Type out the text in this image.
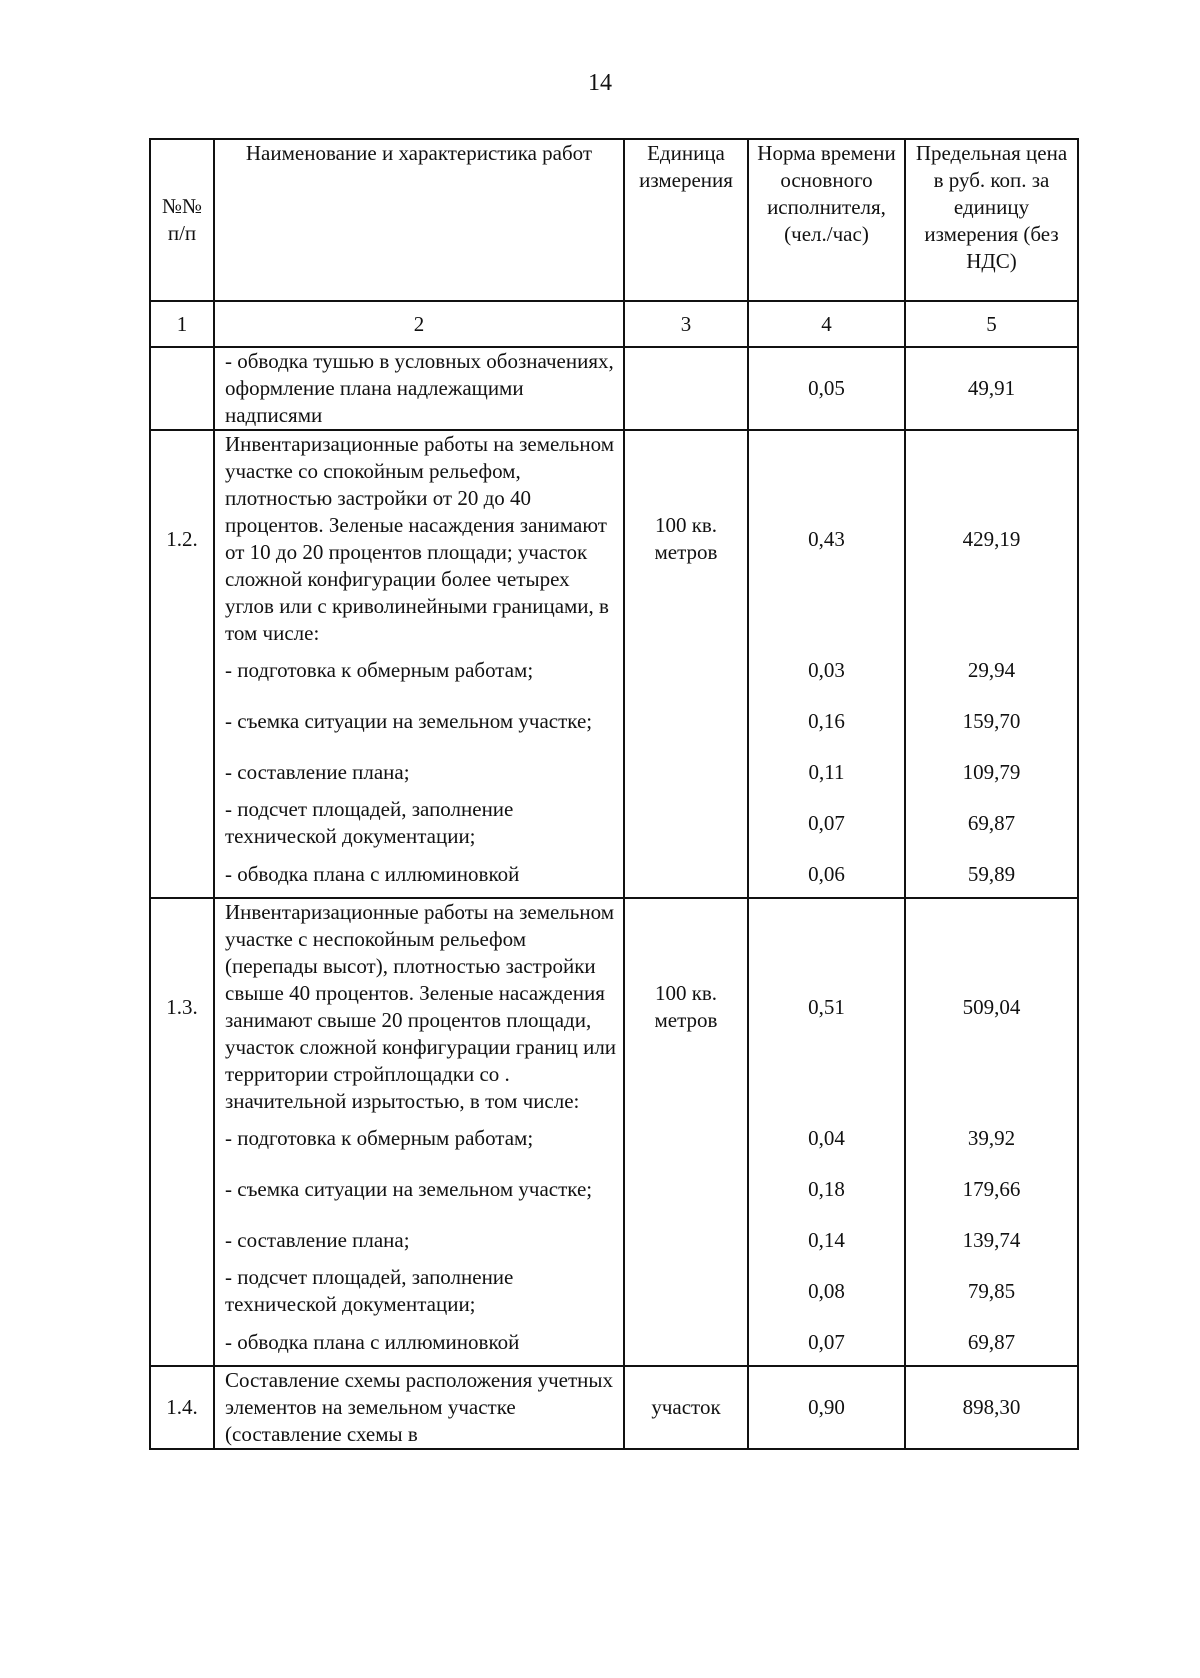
14
№№ п/п	Наименование и характеристика работ	Единица измерения	Норма времени основного исполнителя, (чел./час)	Предельная цена в руб. коп. за единицу измерения (без НДС)
1	2	3	4	5
	- обводка тушью в условных обозначениях, оформление плана надлежащими надписями		0,05	49,91
1.2.	Инвентаризационные работы на земельном участке со спокойным рельефом, плотностью застройки от 20 до 40 процентов. Зеленые насаждения занимают от 10 до 20 процентов площади; участок сложной конфигурации более четырех углов или с криволинейными границами, в том числе:	100 кв. метров	0,43	429,19
	- подготовка к обмерным работам;		0,03	29,94
	- съемка ситуации на земельном участке;		0,16	159,70
	- составление плана;		0,11	109,79
	- подсчет площадей, заполнение технической документации;		0,07	69,87
	- обводка плана с иллюминовкой		0,06	59,89
1.3.	Инвентаризационные работы на земельном участке с неспокойным рельефом (перепады высот), плотностью застройки свыше 40 процентов. Зеленые насаждения занимают свыше 20 процентов площади, участок сложной конфигурации границ или территории стройплощадки со . значительной изрытостью, в том числе:	100 кв. метров	0,51	509,04
	- подготовка к обмерным работам;		0,04	39,92
	- съемка ситуации на земельном участке;		0,18	179,66
	- составление плана;		0,14	139,74
	- подсчет площадей, заполнение технической документации;		0,08	79,85
	- обводка плана с иллюминовкой		0,07	69,87
1.4.	Составление схемы расположения учетных элементов на земельном участке (составление схемы в	участок	0,90	898,30
